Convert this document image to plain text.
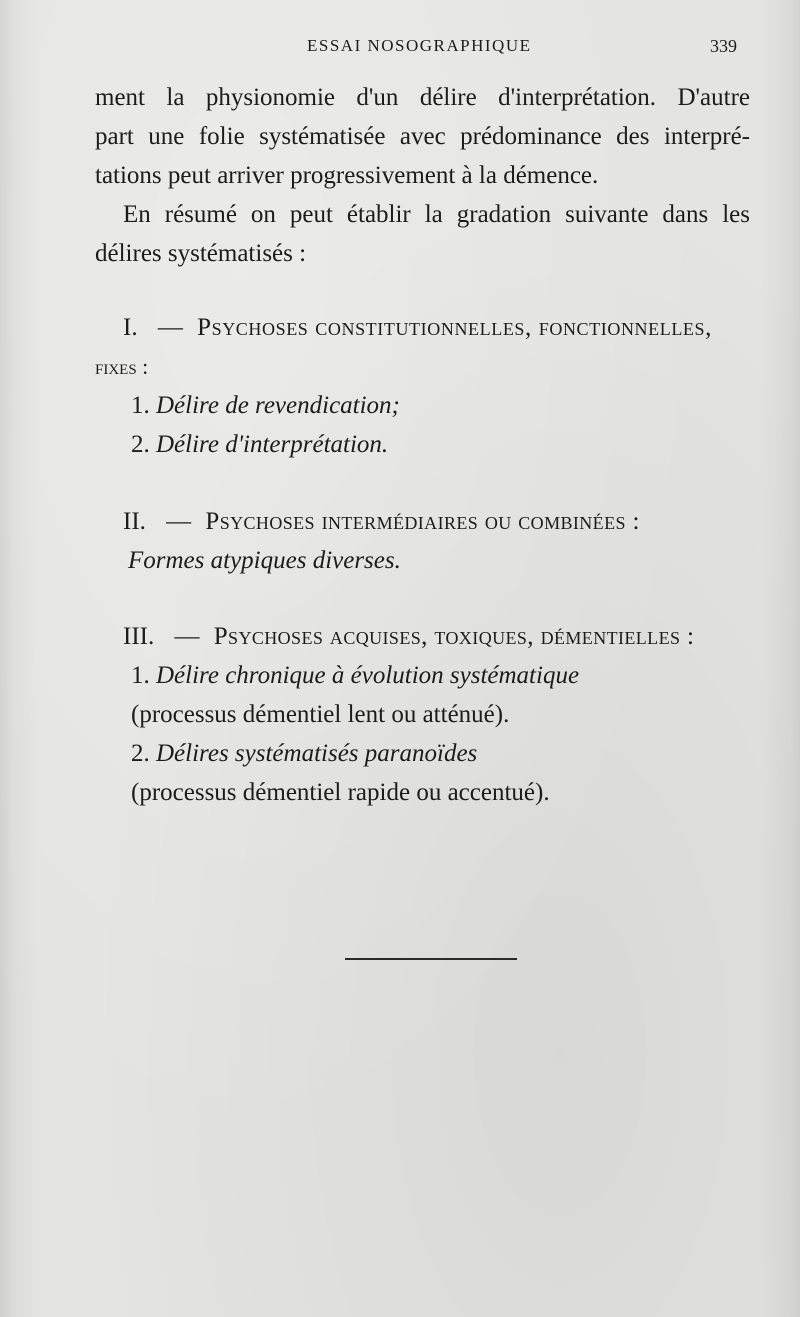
ESSAI NOSOGRAPHIQUE	339

ment la physionomie d'un délire d'interprétation. D'autre

part une folie systématisée avec prédominance des interpré-

tations peut arriver progressivement à la démence.

En résumé on peut établir la gradation suivante dans les

délires systématisés :

I. — Psychoses constitutionnelles, fonctionnelles,
fixes :
1. Délire de revendication;
2. Délire d'interprétation.
II. — Psychoses intermédiaires ou combinées :
Formes atypiques diverses.
III. — Psychoses acquises, toxiques, démentielles :
1. Délire chronique à évolution systématique
(processus démentiel lent ou atténué).
2. Délires systématisés paranoïdes
(processus démentiel rapide ou accentué).
